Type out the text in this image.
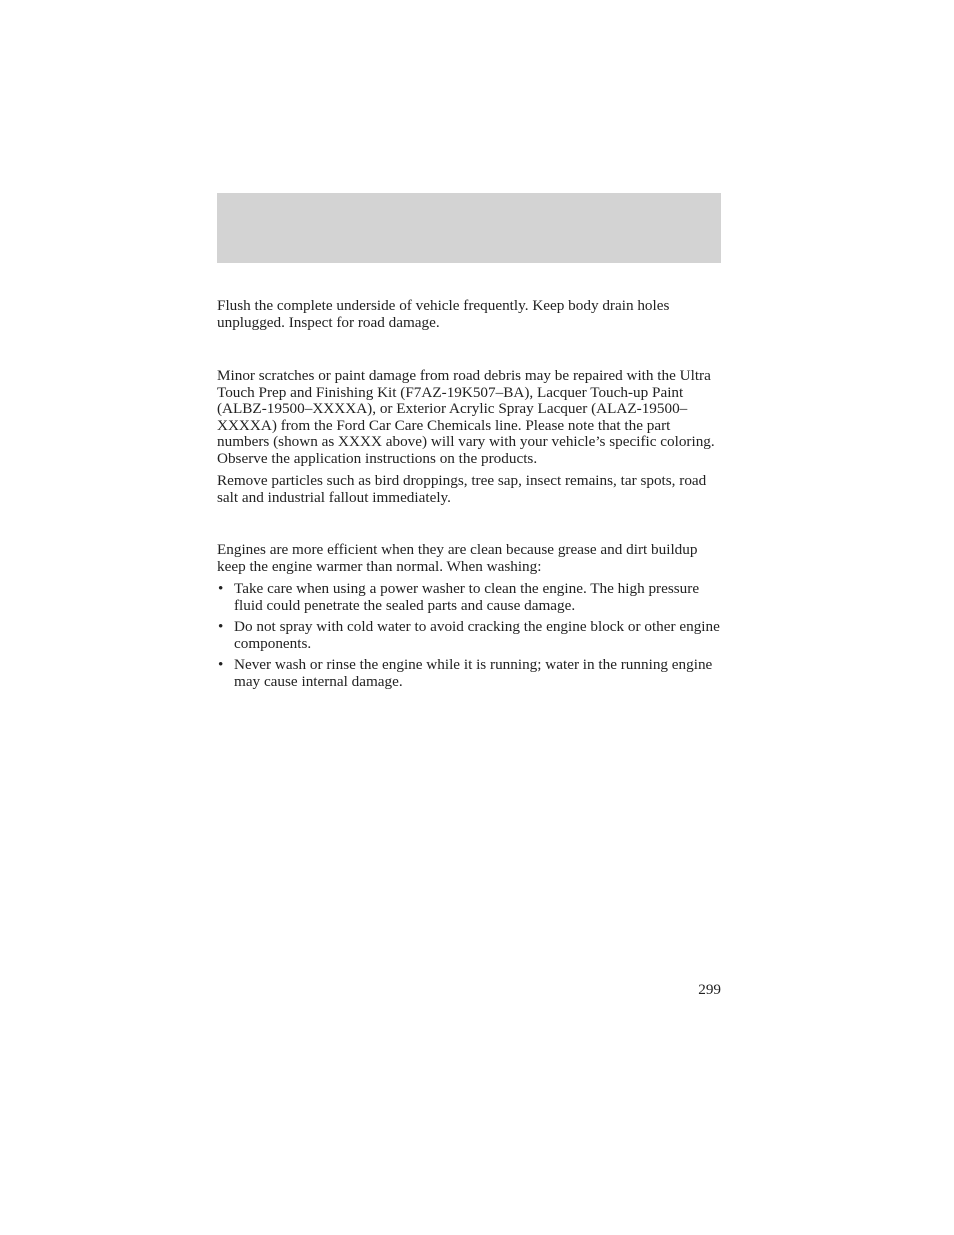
Flush the complete underside of vehicle frequently. Keep body drain holes unplugged. Inspect for road damage.

Minor scratches or paint damage from road debris may be repaired with the Ultra Touch Prep and Finishing Kit (F7AZ-19K507–BA), Lacquer Touch-up Paint (ALBZ-19500–XXXXA), or Exterior Acrylic Spray Lacquer (ALAZ-19500–XXXXA) from the Ford Car Care Chemicals line. Please note that the part numbers (shown as XXXX above) will vary with your vehicle’s specific coloring. Observe the application instructions on the products.

Remove particles such as bird droppings, tree sap, insect remains, tar spots, road salt and industrial fallout immediately.

Engines are more efficient when they are clean because grease and dirt buildup keep the engine warmer than normal. When washing:

• Take care when using a power washer to clean the engine. The high pressure fluid could penetrate the sealed parts and cause damage.
• Do not spray with cold water to avoid cracking the engine block or other engine components.
• Never wash or rinse the engine while it is running; water in the running engine may cause internal damage.
299
